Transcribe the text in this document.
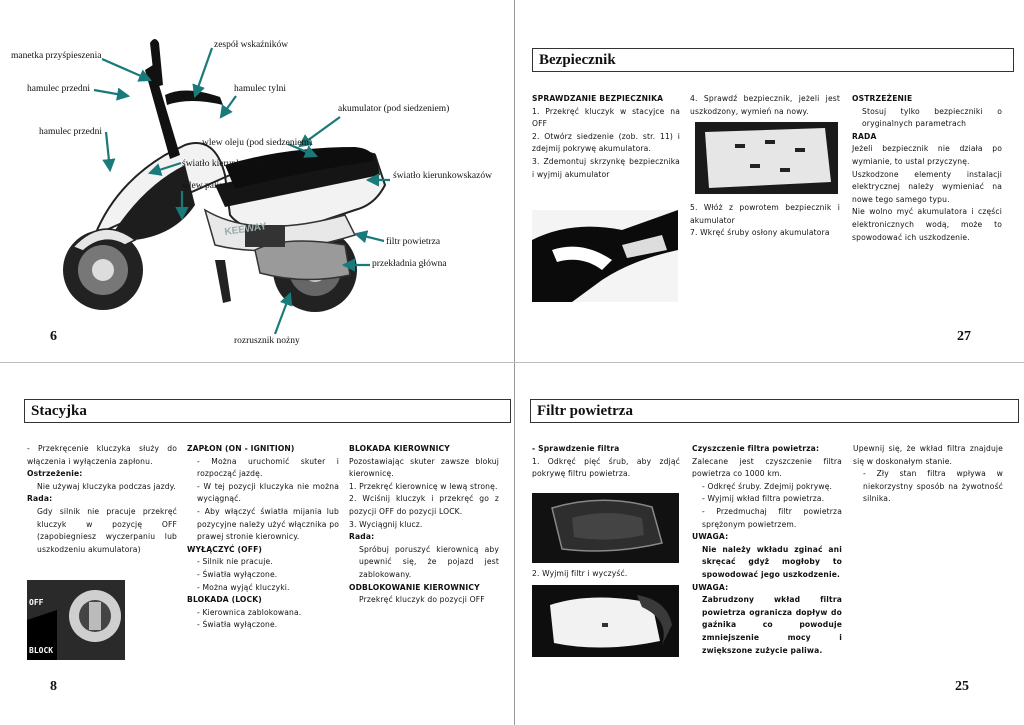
KEEWAY
manetka przyśpieszenia
zespół wskaźników
hamulec przedni	hamulec tylni
akumulator (pod siedzeniem)
hamulec przedni
wlew oleju (pod siedzeniem)
światło kierunkowskazów
światło kierunkowskazów
wlew paliwa
filtr powietrza
przekładnia główna
rozrusznik nożny
6
Bezpiecznik

SPRAWDZANIE BEZPIECZNIKA

1. Przekręć kluczyk w stacyjce na OFF

2. Otwórz siedzenie (zob. str. 11) i zdejmij pokrywę akumulatora.

3. Zdemontuj skrzynkę bezpiecznika i wyjmij akumulator

4. Sprawdź bezpiecznik, jeżeli jest uszkodzony, wymień na nowy.

5. Włóż z powrotem bezpiecznik i akumulator

7. Wkręć śruby osłony akumulatora

OSTRZEŻENIE

Stosuj tylko bezpieczniki o oryginalnych parametrach

RADA

Jeżeli bezpiecznik nie działa po wymianie, to ustal przyczynę.

Uszkodzone elementy instalacji elektrycznej należy wymieniać na nowe tego samego typu.

Nie wolno myć akumulatora i części elektronicznych wodą, może to spowodować ich uszkodzenie.

27
Stacyjka

- Przekręcenie kluczyka służy do włączenia i wyłączenia zapłonu.

Ostrzeżenie:

Nie używaj kluczyka podczas jazdy.

Rada:

Gdy silnik nie pracuje przekręć kluczyk w pozycję OFF (zapobiegniesz wyczerpaniu lub uszkodzeniu akumulatora)

OFF
BLOCK

ZAPŁON (ON - IGNITION)

- Można uruchomić skuter i rozpocząć jazdę.

- W tej pozycji kluczyka nie można wyciągnąć.

- Aby włączyć światła mijania lub pozycyjne należy użyć włącznika po prawej stronie kierownicy.

WYŁĄCZYĆ (OFF)

- Silnik nie pracuje.

- Światła wyłączone.

- Można wyjąć kluczyki.

BLOKADA (LOCK)

- Kierownica zablokowana.

- Światła wyłączone.

BLOKADA KIEROWNICY

Pozostawiając skuter zawsze blokuj kierownicę.

1. Przekręć kierownicę w lewą stronę.

2. Wciśnij kluczyk i przekręć go z pozycji OFF do pozycji LOCK.

3. Wyciągnij klucz.

Rada:

Spróbuj poruszyć kierownicą aby upewnić się, że pojazd jest zablokowany.

ODBLOKOWANIE KIEROWNICY

Przekręć kluczyk do pozycji OFF

8
Filtr powietrza

- Sprawdzenie filtra

1. Odkręć pięć śrub, aby zdjąć pokrywę filtru powietrza.

2. Wyjmij filtr i wyczyść.

Czyszczenie filtra powietrza:

Zalecane jest czyszczenie filtra powietrza co 1000 km.

- Odkręć śruby. Zdejmij pokrywę.

- Wyjmij wkład filtra powietrza.

- Przedmuchaj filtr powietrza sprężonym powietrzem.

UWAGA:

Nie należy wkładu zginać ani skręcać gdyż mogłoby to spowodować jego uszkodzenie.

UWAGA:

Zabrudzony wkład filtra powietrza ogranicza dopływ do gaźnika co powoduje zmniejszenie mocy i zwiększone zużycie paliwa.

Upewnij się, że wkład filtra znajduje się w doskonałym stanie.

- Zły stan filtra wpływa w niekorzystny sposób na żywotność silnika.

25
